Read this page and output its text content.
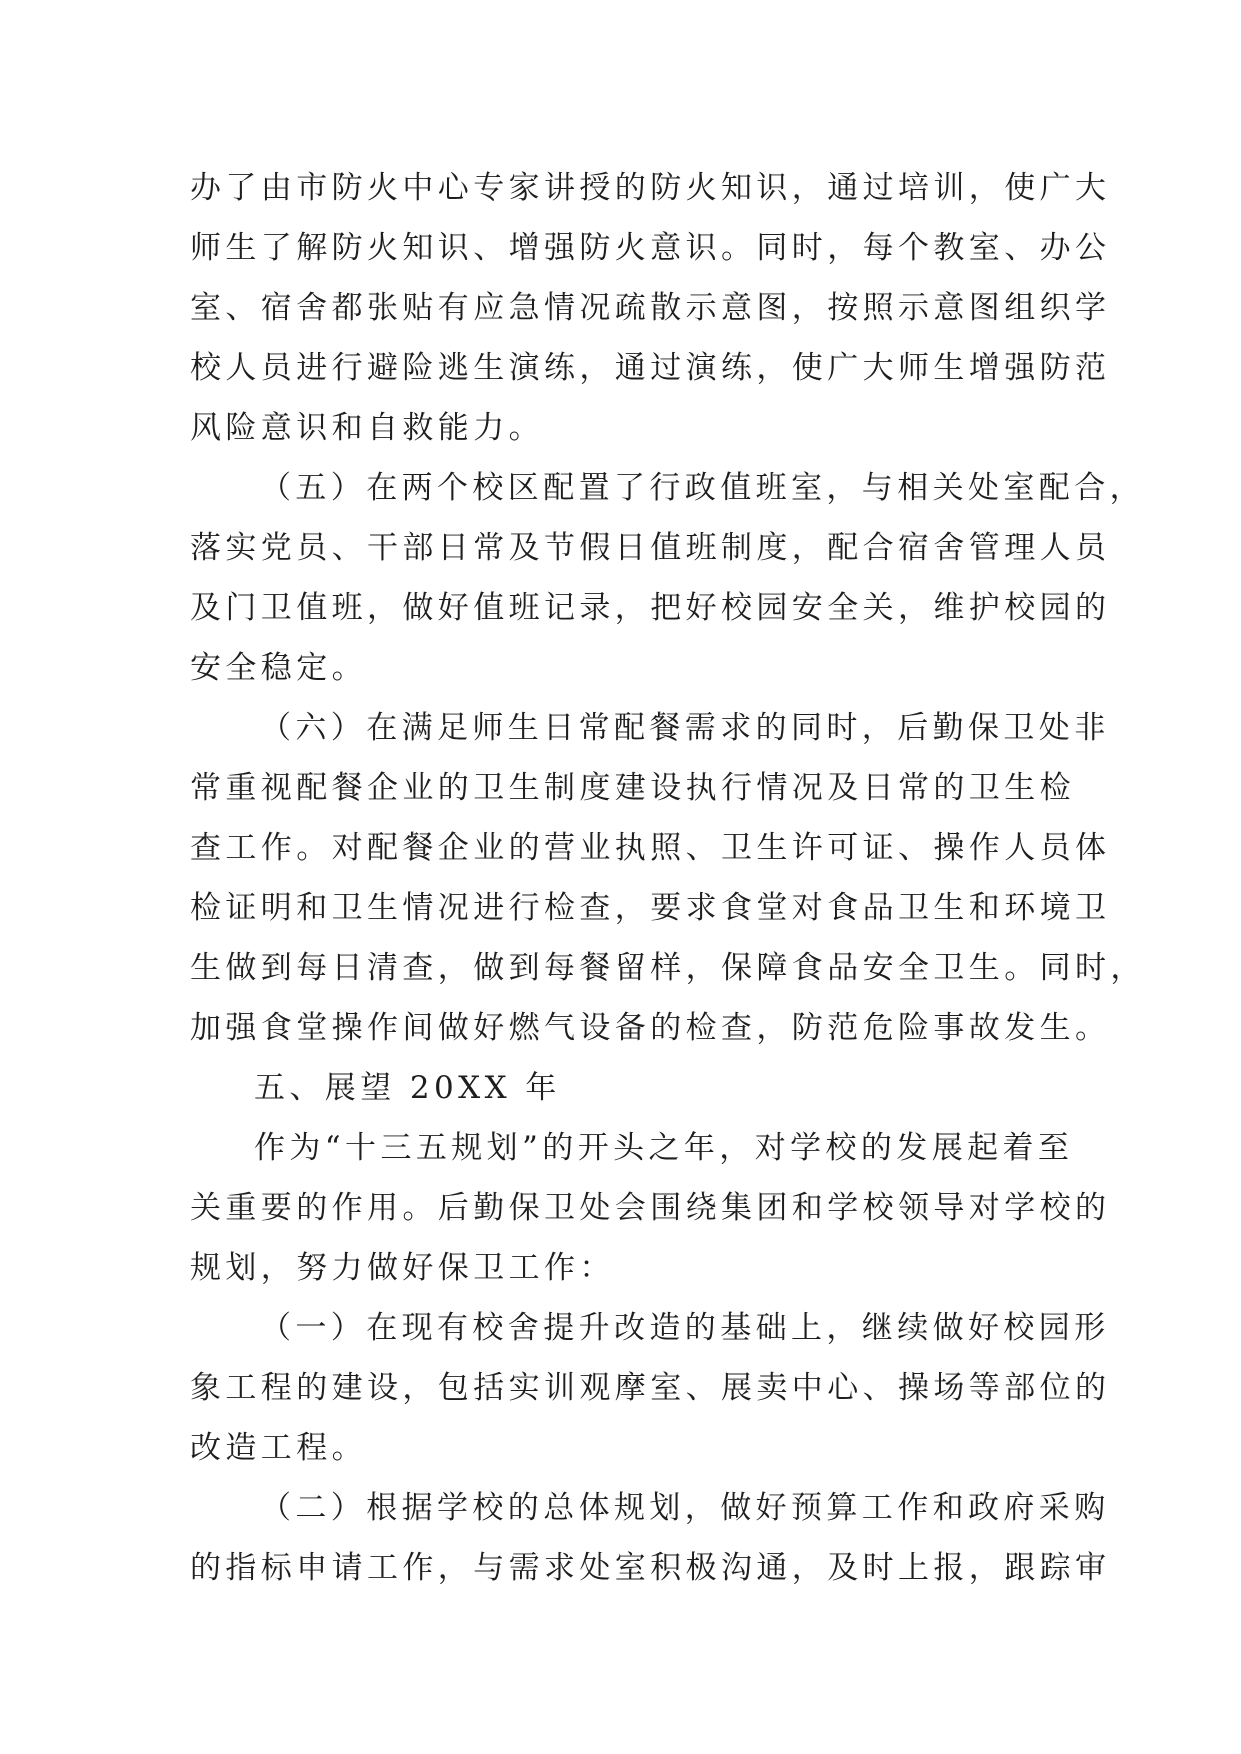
办了由市防火中心专家讲授的防火知识，通过培训，使广大

师生了解防火知识、增强防火意识。同时，每个教室、办公

室、宿舍都张贴有应急情况疏散示意图，按照示意图组织学

校人员进行避险逃生演练，通过演练，使广大师生增强防范

风险意识和自救能力。

（五）在两个校区配置了行政值班室，与相关处室配合，

落实党员、干部日常及节假日值班制度，配合宿舍管理人员

及门卫值班，做好值班记录，把好校园安全关，维护校园的

安全稳定。

（六）在满足师生日常配餐需求的同时，后勤保卫处非

常重视配餐企业的卫生制度建设执行情况及日常的卫生检

查工作。对配餐企业的营业执照、卫生许可证、操作人员体

检证明和卫生情况进行检查，要求食堂对食品卫生和环境卫

生做到每日清查，做到每餐留样，保障食品安全卫生。同时，

加强食堂操作间做好燃气设备的检查，防范危险事故发生。

五、展望 20XX 年

作为“十三五规划”的开头之年，对学校的发展起着至

关重要的作用。后勤保卫处会围绕集团和学校领导对学校的

规划，努力做好保卫工作：

（一）在现有校舍提升改造的基础上，继续做好校园形

象工程的建设，包括实训观摩室、展卖中心、操场等部位的

改造工程。

（二）根据学校的总体规划，做好预算工作和政府采购

的指标申请工作，与需求处室积极沟通，及时上报，跟踪审
